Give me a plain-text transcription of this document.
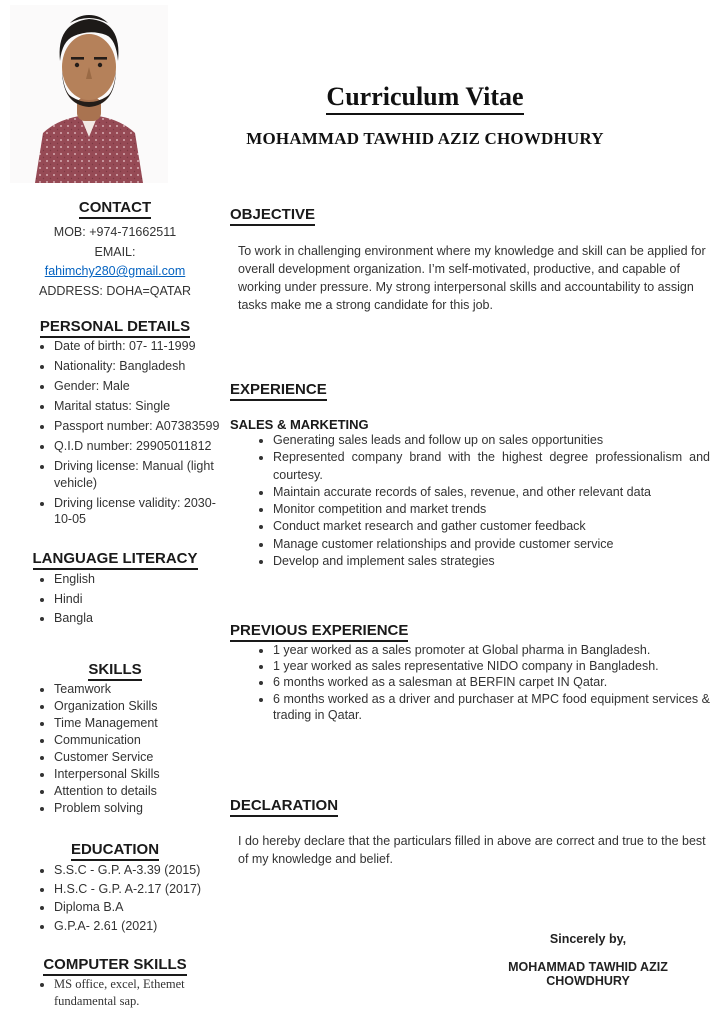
Curriculum Vitae
MOHAMMAD TAWHID AZIZ CHOWDHURY
CONTACT

MOB: +974-71662511

EMAIL:

fahimchy280@gmail.com

ADDRESS: DOHA=QATAR

PERSONAL DETAILS
• Date of birth: 07- 11-1999
• Nationality: Bangladesh
• Gender: Male
• Marital status: Single
• Passport number: A07383599
• Q.I.D number: 29905011812
• Driving license: Manual (light vehicle)
• Driving license validity: 2030-10-05
LANGUAGE LITERACY
• English
• Hindi
• Bangla
SKILLS
• Teamwork
• Organization Skills
• Time Management
• Communication
• Customer Service
• Interpersonal Skills
• Attention to details
• Problem solving
EDUCATION
• S.S.C - G.P. A-3.39 (2015)
• H.S.C - G.P. A-2.17 (2017)
• Diploma B.A
• G.P.A- 2.61 (2021)
COMPUTER SKILLS
• MS office, excel, Ethemet fundamental sap.
OBJECTIVE

To work in challenging environment where my knowledge and skill can be applied for overall development organization. I’m self-motivated, productive, and capable of working under pressure. My strong interpersonal skills and accountability to assign tasks make me a strong candidate for this job.

EXPERIENCE
SALES & MARKETING
• Generating sales leads and follow up on sales opportunities
• Represented company brand with the highest degree professionalism and courtesy.
• Maintain accurate records of sales, revenue, and other relevant data
• Monitor competition and market trends
• Conduct market research and gather customer feedback
• Manage customer relationships and provide customer service
• Develop and implement sales strategies
PREVIOUS EXPERIENCE
• 1 year worked as a sales promoter at Global pharma in Bangladesh.
• 1 year worked as sales representative NIDO company in Bangladesh.
• 6 months worked as a salesman at BERFIN carpet IN Qatar.
• 6 months worked as a driver and purchaser at MPC food equipment services & trading in Qatar.
DECLARATION

I do hereby declare that the particulars filled in above are correct and true to the best of my knowledge and belief.

Sincerely by,

MOHAMMAD TAWHID AZIZ CHOWDHURY
